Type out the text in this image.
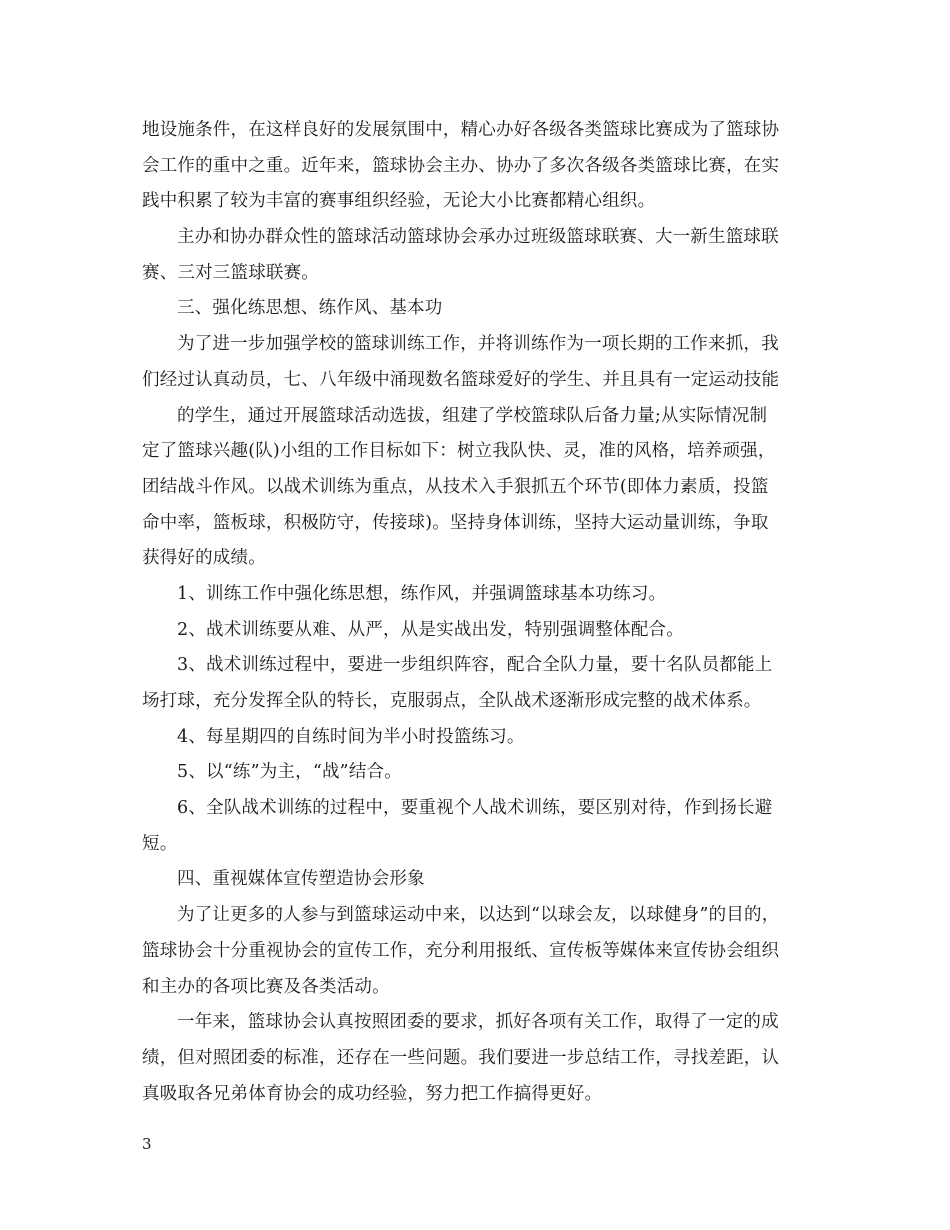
地设施条件，在这样良好的发展氛围中，精心办好各级各类篮球比赛成为了篮球协
会工作的重中之重。近年来，篮球协会主办、协办了多次各级各类篮球比赛，在实
践中积累了较为丰富的赛事组织经验，无论大小比赛都精心组织。
主办和协办群众性的篮球活动篮球协会承办过班级篮球联赛、大一新生篮球联
赛、三对三篮球联赛。
三、强化练思想、练作风、基本功
为了进一步加强学校的篮球训练工作，并将训练作为一项长期的工作来抓，我
们经过认真动员，七、八年级中涌现数名篮球爱好的学生、并且具有一定运动技能
的学生，通过开展篮球活动选拔，组建了学校篮球队后备力量;从实际情况制
定了篮球兴趣(队)小组的工作目标如下：树立我队快、灵，准的风格，培养顽强，
团结战斗作风。以战术训练为重点，从技术入手狠抓五个环节(即体力素质，投篮
命中率，篮板球，积极防守，传接球)。坚持身体训练，坚持大运动量训练，争取
获得好的成绩。
1、训练工作中强化练思想，练作风，并强调篮球基本功练习。
2、战术训练要从难、从严，从是实战出发，特别强调整体配合。
3、战术训练过程中，要进一步组织阵容，配合全队力量，要十名队员都能上
场打球，充分发挥全队的特长，克服弱点，全队战术逐渐形成完整的战术体系。
4、每星期四的自练时间为半小时投篮练习。
5、以“练”为主，“战”结合。
6、全队战术训练的过程中，要重视个人战术训练，要区别对待，作到扬长避
短。
四、重视媒体宣传塑造协会形象
为了让更多的人参与到篮球运动中来，以达到“以球会友，以球健身”的目的，
篮球协会十分重视协会的宣传工作，充分利用报纸、宣传板等媒体来宣传协会组织
和主办的各项比赛及各类活动。
一年来，篮球协会认真按照团委的要求，抓好各项有关工作，取得了一定的成
绩，但对照团委的标准，还存在一些问题。我们要进一步总结工作，寻找差距，认
真吸取各兄弟体育协会的成功经验，努力把工作搞得更好。
3
